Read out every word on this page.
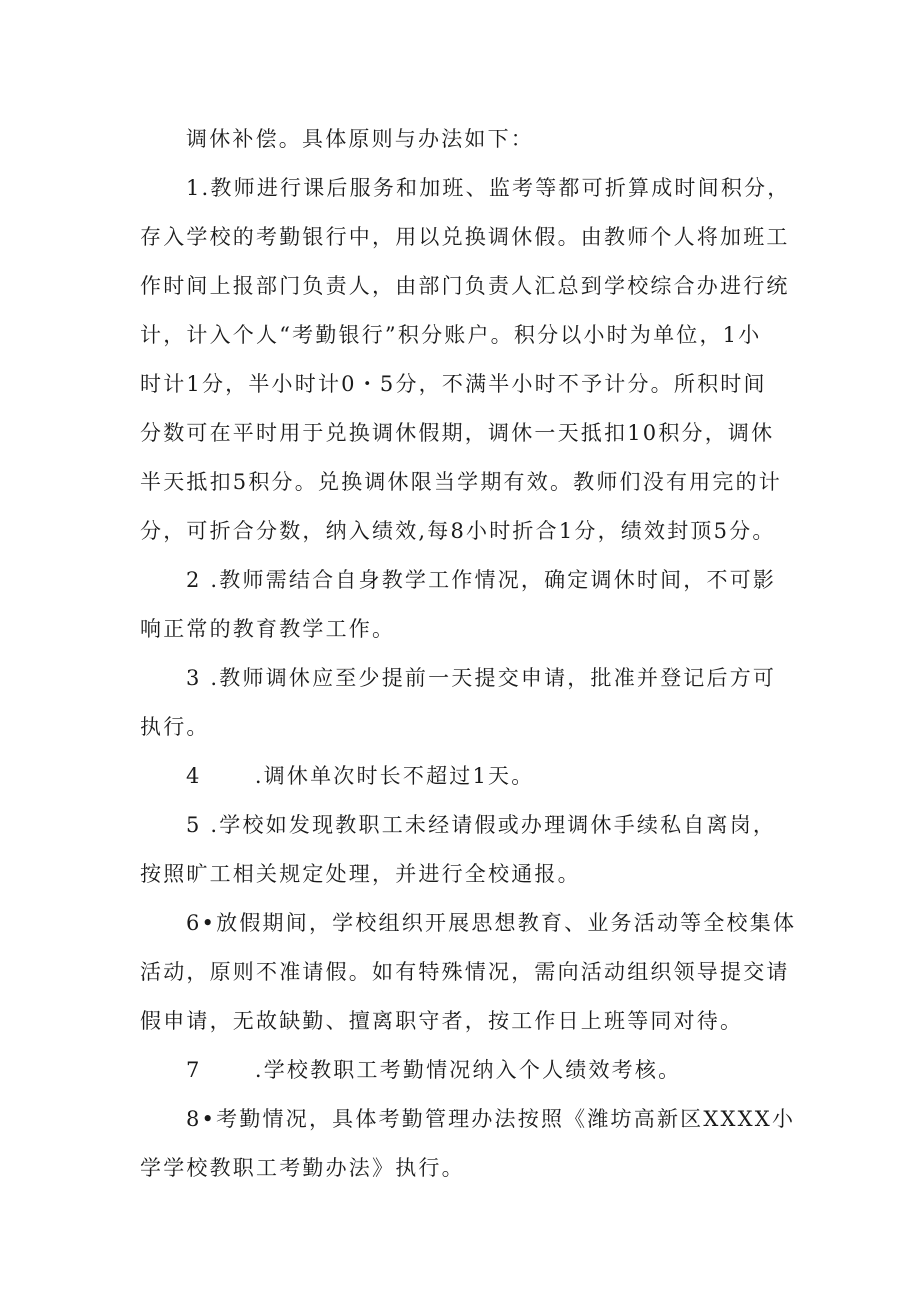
调休补偿。具体原则与办法如下：

1.教师进行课后服务和加班、监考等都可折算成时间积分，

存入学校的考勤银行中，用以兑换调休假。由教师个人将加班工

作时间上报部门负责人，由部门负责人汇总到学校综合办进行统

计，计入个人“考勤银行”积分账户。积分以小时为单位，1小

时计1分，半小时计0・5分，不满半小时不予计分。所积时间

分数可在平时用于兑换调休假期，调休一天抵扣10积分，调休

半天抵扣5积分。兑换调休限当学期有效。教师们没有用完的计

分，可折合分数，纳入绩效,每8小时折合1分，绩效封顶5分。

2 .教师需结合自身教学工作情况，确定调休时间，不可影

响正常的教育教学工作。

3 .教师调休应至少提前一天提交申请，批准并登记后方可

执行。

4      .调休单次时长不超过1天。

5 .学校如发现教职工未经请假或办理调休手续私自离岗，

按照旷工相关规定处理，并进行全校通报。

6•放假期间，学校组织开展思想教育、业务活动等全校集体

活动，原则不准请假。如有特殊情况，需向活动组织领导提交请

假申请，无故缺勤、擅离职守者，按工作日上班等同对待。

7      .学校教职工考勤情况纳入个人绩效考核。

8•考勤情况，具体考勤管理办法按照《潍坊高新区XXXX小

学学校教职工考勤办法》执行。
